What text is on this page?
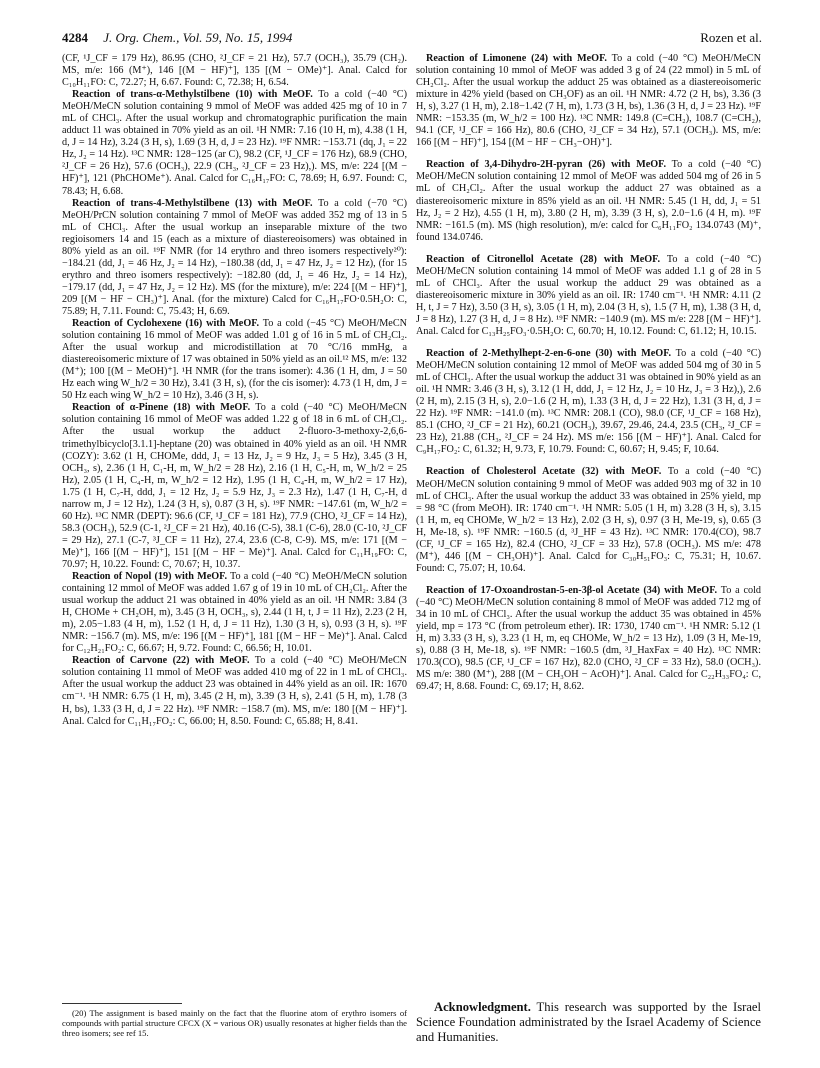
4284 J. Org. Chem., Vol. 59, No. 15, 1994	Rozen et al.

(CF, ¹J_CF = 179 Hz), 86.95 (CHO, ²J_CF = 21 Hz), 57.7 (OCH₃), 35.79 (CH₂). MS, m/e: 166 (M⁺), 146 [(M − HF)⁺], 135 [(M − OMe)⁺]. Anal. Calcd for C₁₀H₁₁FO: C, 72.27; H, 6.67. Found: C, 72.38; H, 6.54.

Reaction of trans-α-Methylstilbene (10) with MeOF. To a cold (−40 °C) MeOH/MeCN solution containing 9 mmol of MeOF was added 425 mg of 10 in 7 mL of CHCl₃. After the usual workup and chromatographic purification the main adduct 11 was obtained in 70% yield as an oil. ¹H NMR: 7.16 (10 H, m), 4.38 (1 H, d, J = 14 Hz), 3.24 (3 H, s), 1.69 (3 H, d, J = 23 Hz). ¹⁹F NMR: −153.71 (dq, J₁ = 22 Hz, J₂ = 14 Hz). ¹³C NMR: 128−125 (ar C), 98.2 (CF, ¹J_CF = 176 Hz), 68.9 (CHO, ²J_CF = 26 Hz), 57.6 (OCH₃), 22.9 (CH₃, ²J_CF = 23 Hz),). MS, m/e: 224 [(M − HF)⁺], 121 (PhCHOMe⁺). Anal. Calcd for C₁₆H₁₇FO: C, 78.69; H, 6.97. Found: C, 78.43; H, 6.68.

Reaction of trans-4-Methylstilbene (13) with MeOF. To a cold (−70 °C) MeOH/PrCN solution containing 7 mmol of MeOF was added 352 mg of 13 in 5 mL of CHCl₃. After the usual workup an inseparable mixture of the two regioisomers 14 and 15 (each as a mixture of diastereoisomers) was obtained in 80% yield as an oil. ¹⁹F NMR (for 14 erythro and threo isomers respectively²⁰): −184.21 (dd, J₁ = 46 Hz, J₂ = 14 Hz), −180.38 (dd, J₁ = 47 Hz, J₂ = 12 Hz), (for 15 erythro and threo isomers respectively): −182.80 (dd, J₁ = 46 Hz, J₂ = 14 Hz), −179.17 (dd, J₁ = 47 Hz, J₂ = 12 Hz). MS (for the mixture), m/e: 224 [(M − HF)⁺], 209 [(M − HF − CH₃)⁺]. Anal. (for the mixture) Calcd for C₁₆H₁₇FO·0.5H₂O: C, 75.89; H, 7.11. Found: C, 75.43; H, 6.69.

Reaction of Cyclohexene (16) with MeOF. To a cold (−45 °C) MeOH/MeCN solution containing 16 mmol of MeOF was added 1.01 g of 16 in 5 mL of CH₂Cl₂. After the usual workup and microdistillation at 70 °C/16 mmHg, a diastereoisomeric mixture of 17 was obtained in 50% yield as an oil.¹² MS, m/e: 132 (M⁺); 100 [(M − MeOH)⁺]. ¹H NMR (for the trans isomer): 4.36 (1 H, dm, J = 50 Hz each wing W_h/2 = 30 Hz), 3.41 (3 H, s), (for the cis isomer): 4.73 (1 H, dm, J = 50 Hz each wing W_h/2 = 10 Hz), 3.46 (3 H, s).

Reaction of α-Pinene (18) with MeOF. To a cold (−40 °C) MeOH/MeCN solution containing 16 mmol of MeOF was added 1.22 g of 18 in 6 mL of CH₂Cl₂. After the usual workup the adduct 2-fluoro-3-methoxy-2,6,6-trimethylbicyclo[3.1.1]-heptane (20) was obtained in 40% yield as an oil. ¹H NMR (COZY): 3.62 (1 H, CHOMe, ddd, J₁ = 13 Hz, J₂ = 9 Hz, J₃ = 5 Hz), 3.45 (3 H, OCH₃, s), 2.36 (1 H, C₁-H, m, W_h/2 = 28 Hz), 2.16 (1 H, C₅-H, m, W_h/2 = 25 Hz), 2.05 (1 H, C₄-H, m, W_h/2 = 12 Hz), 1.95 (1 H, C₄-H, m, W_h/2 = 17 Hz), 1.75 (1 H, C₇-H, ddd, J₁ = 12 Hz, J₂ = 5.9 Hz, J₃ = 2.3 Hz), 1.47 (1 H, C₇-H, d narrow m, J = 12 Hz), 1.24 (3 H, s), 0.87 (3 H, s). ¹⁹F NMR: −147.61 (m, W_h/2 = 60 Hz). ¹³C NMR (DEPT): 96.6 (CF, ¹J_CF = 181 Hz), 77.9 (CHO, ²J_CF = 14 Hz), 58.3 (OCH₃), 52.9 (C-1, ²J_CF = 21 Hz), 40.16 (C-5), 38.1 (C-6), 28.0 (C-10, ²J_CF = 29 Hz), 27.1 (C-7, ³J_CF = 11 Hz), 27.4, 23.6 (C-8, C-9). MS, m/e: 171 [(M − Me)⁺], 166 [(M − HF)⁺], 151 [(M − HF − Me)⁺]. Anal. Calcd for C₁₁H₁₉FO: C, 70.97; H, 10.22. Found: C, 70.67; H, 10.37.

Reaction of Nopol (19) with MeOF. To a cold (−40 °C) MeOH/MeCN solution containing 12 mmol of MeOF was added 1.67 g of 19 in 10 mL of CH₂Cl₂. After the usual workup the adduct 21 was obtained in 40% yield as an oil. ¹H NMR: 3.84 (3 H, CHOMe + CH₂OH, m), 3.45 (3 H, OCH₃, s), 2.44 (1 H, t, J = 11 Hz), 2.23 (2 H, m), 2.05−1.83 (4 H, m), 1.52 (1 H, d, J = 11 Hz), 1.30 (3 H, s), 0.93 (3 H, s). ¹⁹F NMR: −156.7 (m). MS, m/e: 196 [(M − HF)⁺], 181 [(M − HF − Me)⁺]. Anal. Calcd for C₁₂H₂₁FO₂: C, 66.67; H, 9.72. Found: C, 66.56; H, 10.01.

Reaction of Carvone (22) with MeOF. To a cold (−40 °C) MeOH/MeCN solution containing 11 mmol of MeOF was added 410 mg of 22 in 1 mL of CHCl₃. After the usual workup the adduct 23 was obtained in 44% yield as an oil. IR: 1670 cm⁻¹. ¹H NMR: 6.75 (1 H, m), 3.45 (2 H, m), 3.39 (3 H, s), 2.41 (5 H, m), 1.78 (3 H, bs), 1.33 (3 H, d, J = 22 Hz). ¹⁹F NMR: −158.7 (m). MS, m/e: 180 [(M − HF)⁺]. Anal. Calcd for C₁₁H₁₇FO₂: C, 66.00; H, 8.50. Found: C, 65.88; H, 8.41.

Reaction of Limonene (24) with MeOF. To a cold (−40 °C) MeOH/MeCN solution containing 10 mmol of MeOF was added 3 g of 24 (22 mmol) in 5 mL of CH₂Cl₂. After the usual workup the adduct 25 was obtained as a diastereoisomeric mixture in 42% yield (based on CH₃OF) as an oil. ¹H NMR: 4.72 (2 H, bs), 3.36 (3 H, s), 3.27 (1 H, m), 2.18−1.42 (7 H, m), 1.73 (3 H, bs), 1.36 (3 H, d, J = 23 Hz). ¹⁹F NMR: −153.35 (m, W_h/2 = 100 Hz). ¹³C NMR: 149.8 (C=CH₂), 108.7 (C=CH₂), 94.1 (CF, ¹J_CF = 166 Hz), 80.6 (CHO, ²J_CF = 34 Hz), 57.1 (OCH₃). MS, m/e: 166 [(M − HF)⁺], 154 [(M − HF − CH₃−OH)⁺].

Reaction of 3,4-Dihydro-2H-pyran (26) with MeOF. To a cold (−40 °C) MeOH/MeCN solution containing 12 mmol of MeOF was added 504 mg of 26 in 5 mL of CH₂Cl₂. After the usual workup the adduct 27 was obtained as a diastereoisomeric mixture in 85% yield as an oil. ¹H NMR: 5.45 (1 H, dd, J₁ = 51 Hz, J₂ = 2 Hz), 4.55 (1 H, m), 3.80 (2 H, m), 3.39 (3 H, s), 2.0−1.6 (4 H, m). ¹⁹F NMR: −161.5 (m). MS (high resolution), m/e: calcd for C₆H₁₁FO₂ 134.0743 (M)⁺, found 134.0746.

Reaction of Citronellol Acetate (28) with MeOF. To a cold (−40 °C) MeOH/MeCN solution containing 14 mmol of MeOF was added 1.1 g of 28 in 5 mL of CHCl₃. After the usual workup the adduct 29 was obtained as a diastereoisomeric mixture in 30% yield as an oil. IR: 1740 cm⁻¹. ¹H NMR: 4.11 (2 H, t, J = 7 Hz), 3.50 (3 H, s), 3.05 (1 H, m), 2.04 (3 H, s), 1.5 (7 H, m), 1.38 (3 H, d, J = 8 Hz), 1.27 (3 H, d, J = 8 Hz). ¹⁹F NMR: −140.9 (m). MS m/e: 228 [(M − HF)⁺]. Anal. Calcd for C₁₃H₂₅FO₃·0.5H₂O: C, 60.70; H, 10.12. Found: C, 61.12; H, 10.15.

Reaction of 2-Methylhept-2-en-6-one (30) with MeOF. To a cold (−40 °C) MeOH/MeCN solution containing 12 mmol of MeOF was added 504 mg of 30 in 5 mL of CHCl₃. After the usual workup the adduct 31 was obtained in 90% yield as an oil. ¹H NMR: 3.46 (3 H, s), 3.12 (1 H, ddd, J₁ = 12 Hz, J₂ = 10 Hz, J₃ = 3 Hz),), 2.6 (2 H, m), 2.15 (3 H, s), 2.0−1.6 (2 H, m), 1.33 (3 H, d, J = 22 Hz), 1.31 (3 H, d, J = 22 Hz). ¹⁹F NMR: −141.0 (m). ¹³C NMR: 208.1 (CO), 98.0 (CF, ¹J_CF = 168 Hz), 85.1 (CHO, ²J_CF = 21 Hz), 60.21 (OCH₃), 39.67, 29.46, 24.4, 23.5 (CH₃, ²J_CF = 23 Hz), 21.88 (CH₃, ²J_CF = 24 Hz). MS m/e: 156 [(M − HF)⁺]. Anal. Calcd for C₉H₁₇FO₂: C, 61.32; H, 9.73, F, 10.79. Found: C, 60.67; H, 9.45; F, 10.64.

Reaction of Cholesterol Acetate (32) with MeOF. To a cold (−40 °C) MeOH/MeCN solution containing 9 mmol of MeOF was added 903 mg of 32 in 10 mL of CHCl₃. After the usual workup the adduct 33 was obtained in 25% yield, mp = 98 °C (from MeOH). IR: 1740 cm⁻¹. ¹H NMR: 5.05 (1 H, m) 3.28 (3 H, s), 3.15 (1 H, m, eq CHOMe, W_h/2 = 13 Hz), 2.02 (3 H, s), 0.97 (3 H, Me-19, s), 0.65 (3 H, Me-18, s). ¹⁹F NMR: −160.5 (d, ³J_HF = 43 Hz). ¹³C NMR: 170.4(CO), 98.7 (CF, ¹J_CF = 165 Hz), 82.4 (CHO, ²J_CF = 33 Hz), 57.8 (OCH₃). MS m/e: 478 (M⁺), 446 [(M − CH₃OH)⁺]. Anal. Calcd for C₃₀H₅₁FO₃: C, 75.31; H, 10.67. Found: C, 75.07; H, 10.64.

Reaction of 17-Oxoandrostan-5-en-3β-ol Acetate (34) with MeOF. To a cold (−40 °C) MeOH/MeCN solution containing 8 mmol of MeOF was added 712 mg of 34 in 10 mL of CHCl₃. After the usual workup the adduct 35 was obtained in 45% yield, mp = 173 °C (from petroleum ether). IR: 1730, 1740 cm⁻¹. ¹H NMR: 5.12 (1 H, m) 3.33 (3 H, s), 3.23 (1 H, m, eq CHOMe, W_h/2 = 13 Hz), 1.09 (3 H, Me-19, s), 0.88 (3 H, Me-18, s). ¹⁹F NMR: −160.5 (dm, ³J_HaxFax = 40 Hz). ¹³C NMR: 170.3(CO), 98.5 (CF, ¹J_CF = 167 Hz), 82.0 (CHO, ²J_CF = 33 Hz), 58.0 (OCH₃). MS m/e: 380 (M⁺), 288 [(M − CH₃OH − AcOH)⁺]. Anal. Calcd for C₂₂H₃₃FO₄: C, 69.47; H, 8.68. Found: C, 69.17; H, 8.62.

(20) The assignment is based mainly on the fact that the fluorine atom of erythro isomers of compounds with partial structure CFCX (X = various OR) usually resonates at higher fields than the threo isomers; see ref 15.

Acknowledgment. This research was supported by the Israel Science Foundation administrated by the Israel Academy of Science and Humanities.
